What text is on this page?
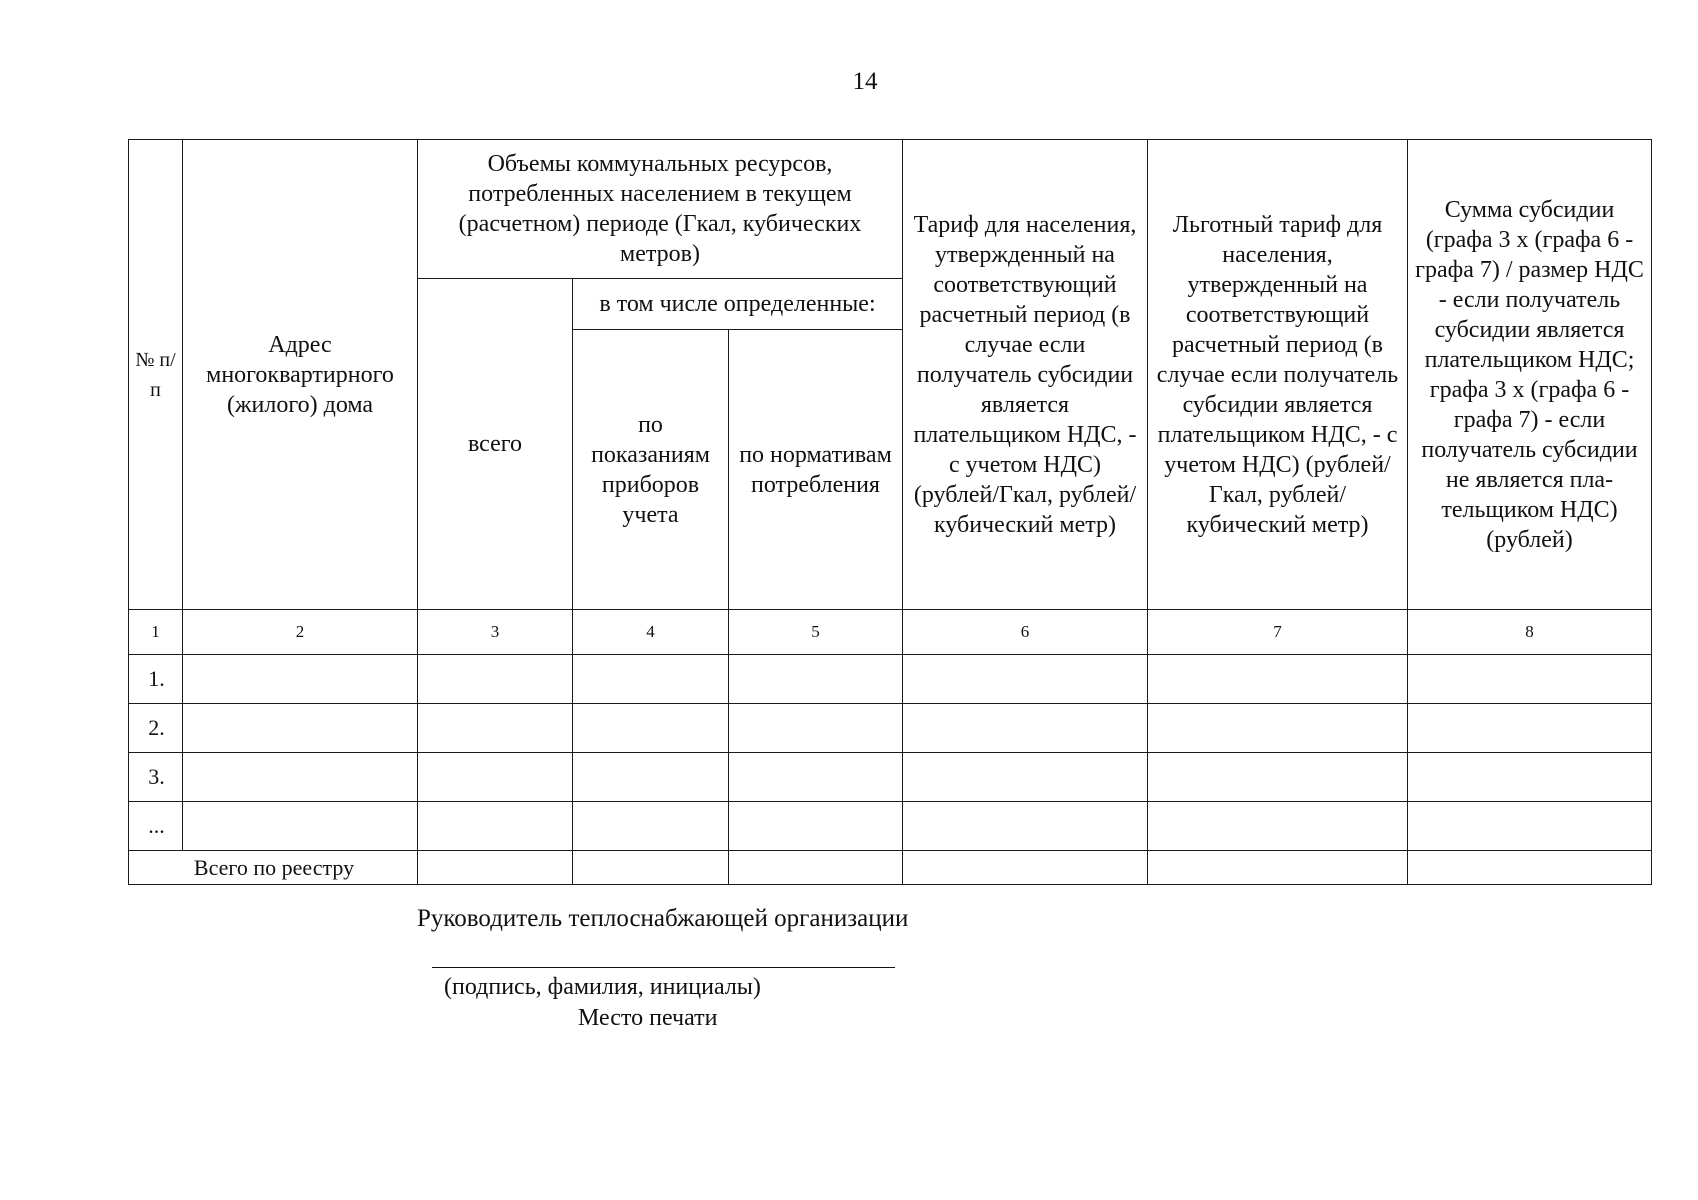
14
№ п/п	Адрес многоквартирного (жилого) дома	Объемы коммунальных ресурсов, потребленных населением в текущем (расчетном) периоде (Гкал, кубических метров)			Тариф для населения, утвержденный на соответствующий расчетный период (в случае если получатель субсидии является плательщиком НДС, - с учетом НДС) (рублей/Гкал, рублей/кубический метр)	Льготный тариф для населения, утвержденный на соответствующий расчетный период (в случае если получатель субсидии является плательщиком НДС, - с учетом НДС) (рублей/Гкал, рублей/кубический метр)	Сумма субсидии (графа 3 x (графа 6 - графа 7) / размер НДС - если получатель субсидии является плательщиком НДС; графа 3 x (графа 6 - графа 7) - если получатель субсидии не является пла-тельщиком НДС) (рублей)
		всего	в том числе определенные:				
			по показаниям приборов учета	по нормативам потребления			
1	2	3	4	5	6	7	8
1.							
2.							
3.							
...							
Всего по реестру							
Руководитель теплоснабжающей организации
(подпись, фамилия, инициалы)
Место печати
